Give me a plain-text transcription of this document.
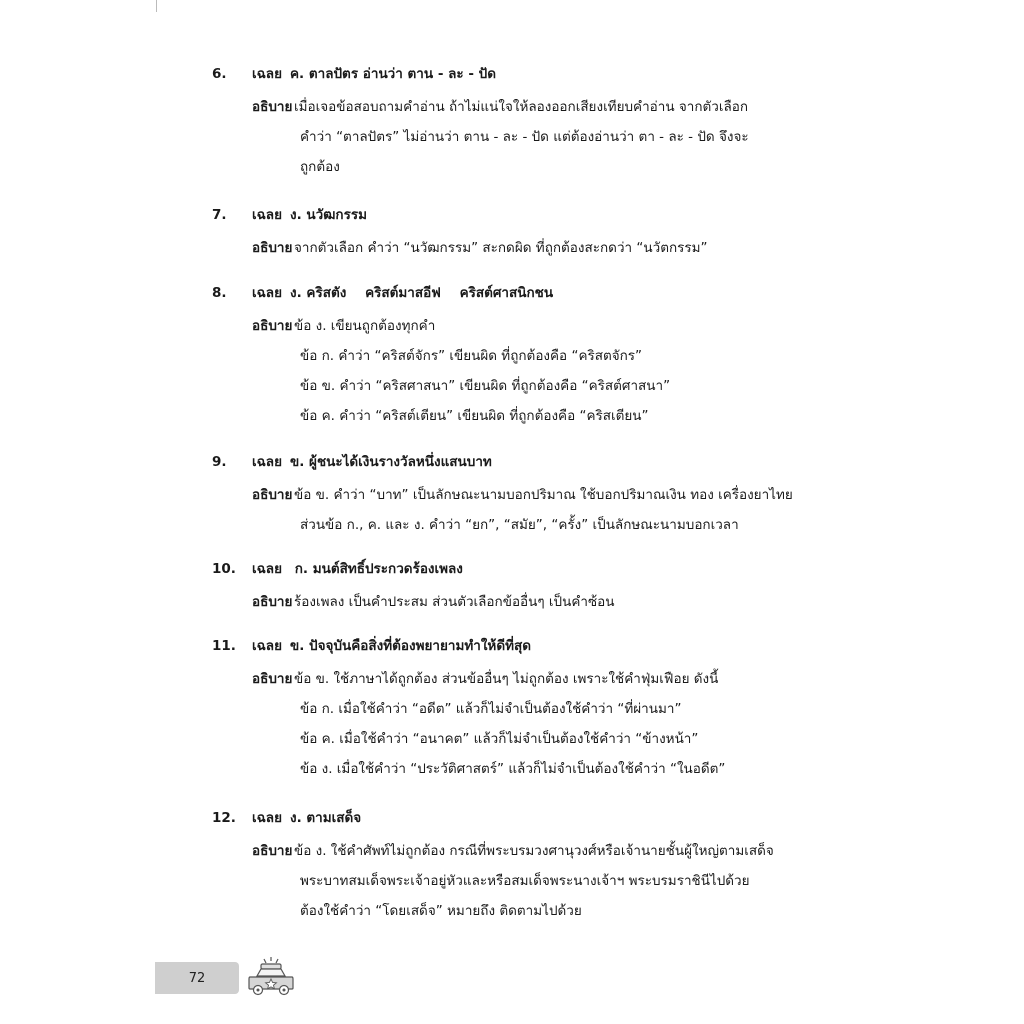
6.	เฉลย ค. ตาลปัตร อ่านว่า ตาน - ละ - ปัด
อธิบาย เมื่อเจอข้อสอบถามคำอ่าน ถ้าไม่แน่ใจให้ลองออกเสียงเทียบคำอ่าน จากตัวเลือก
คำว่า “ตาลปัตร” ไม่อ่านว่า ตาน - ละ - ปัด แต่ต้องอ่านว่า ตา - ละ - ปัด จึงจะ
ถูกต้อง
7.	เฉลย ง. นวัฒกรรม
อธิบาย จากตัวเลือก คำว่า “นวัฒกรรม” สะกดผิด ที่ถูกต้องสะกดว่า “นวัตกรรม”
8.	เฉลย ง. คริสตัง    คริสต์มาสอีฟ    คริสต์ศาสนิกชน
อธิบาย ข้อ ง. เขียนถูกต้องทุกคำ
ข้อ ก. คำว่า “คริสต์จักร” เขียนผิด ที่ถูกต้องคือ “คริสตจักร”
ข้อ ข. คำว่า “คริสศาสนา” เขียนผิด ที่ถูกต้องคือ “คริสต์ศาสนา”
ข้อ ค. คำว่า “คริสต์เตียน” เขียนผิด ที่ถูกต้องคือ “คริสเตียน”
9.	เฉลย ข. ผู้ชนะได้เงินรางวัลหนึ่งแสนบาท
อธิบาย ข้อ ข. คำว่า “บาท” เป็นลักษณะนามบอกปริมาณ ใช้บอกปริมาณเงิน ทอง เครื่องยาไทย
ส่วนข้อ ก., ค. และ ง. คำว่า “ยก”, “สมัย”, “ครั้ง” เป็นลักษณะนามบอกเวลา
10.	เฉลย ก. มนต์สิทธิ์ประกวดร้องเพลง
อธิบาย ร้องเพลง เป็นคำประสม ส่วนตัวเลือกข้ออื่นๆ เป็นคำซ้อน
11.	เฉลย ข. ปัจจุบันคือสิ่งที่ต้องพยายามทำให้ดีที่สุด
อธิบาย ข้อ ข. ใช้ภาษาได้ถูกต้อง ส่วนข้ออื่นๆ ไม่ถูกต้อง เพราะใช้คำฟุ่มเฟือย ดังนี้
ข้อ ก. เมื่อใช้คำว่า “อดีต” แล้วก็ไม่จำเป็นต้องใช้คำว่า “ที่ผ่านมา”
ข้อ ค. เมื่อใช้คำว่า “อนาคต” แล้วก็ไม่จำเป็นต้องใช้คำว่า “ข้างหน้า”
ข้อ ง. เมื่อใช้คำว่า “ประวัติศาสตร์” แล้วก็ไม่จำเป็นต้องใช้คำว่า “ในอดีต”
12.	เฉลย ง. ตามเสด็จ
อธิบาย ข้อ ง. ใช้คำศัพท์ไม่ถูกต้อง กรณีที่พระบรมวงศานุวงศ์หรือเจ้านายชั้นผู้ใหญ่ตามเสด็จ
พระบาทสมเด็จพระเจ้าอยู่หัวและหรือสมเด็จพระนางเจ้าฯ พระบรมราชินีไปด้วย
ต้องใช้คำว่า “โดยเสด็จ” หมายถึง ติดตามไปด้วย
72
